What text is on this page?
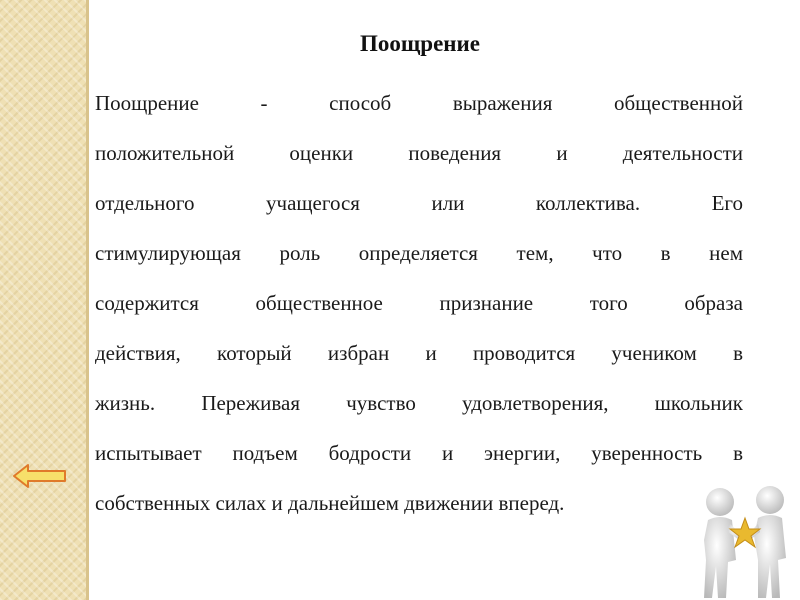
Поощрение
Поощрение - способ выражения общественной
положительной оценки поведения и деятельности
отдельного учащегося или коллектива. Его
стимулирующая роль определяется тем, что в нем
содержится общественное признание того образа
действия, который избран и проводится учеником в
жизнь. Переживая чувство удовлетворения, школьник
испытывает подъем бодрости и энергии, уверенность в
собственных силах и дальнейшем движении вперед.
